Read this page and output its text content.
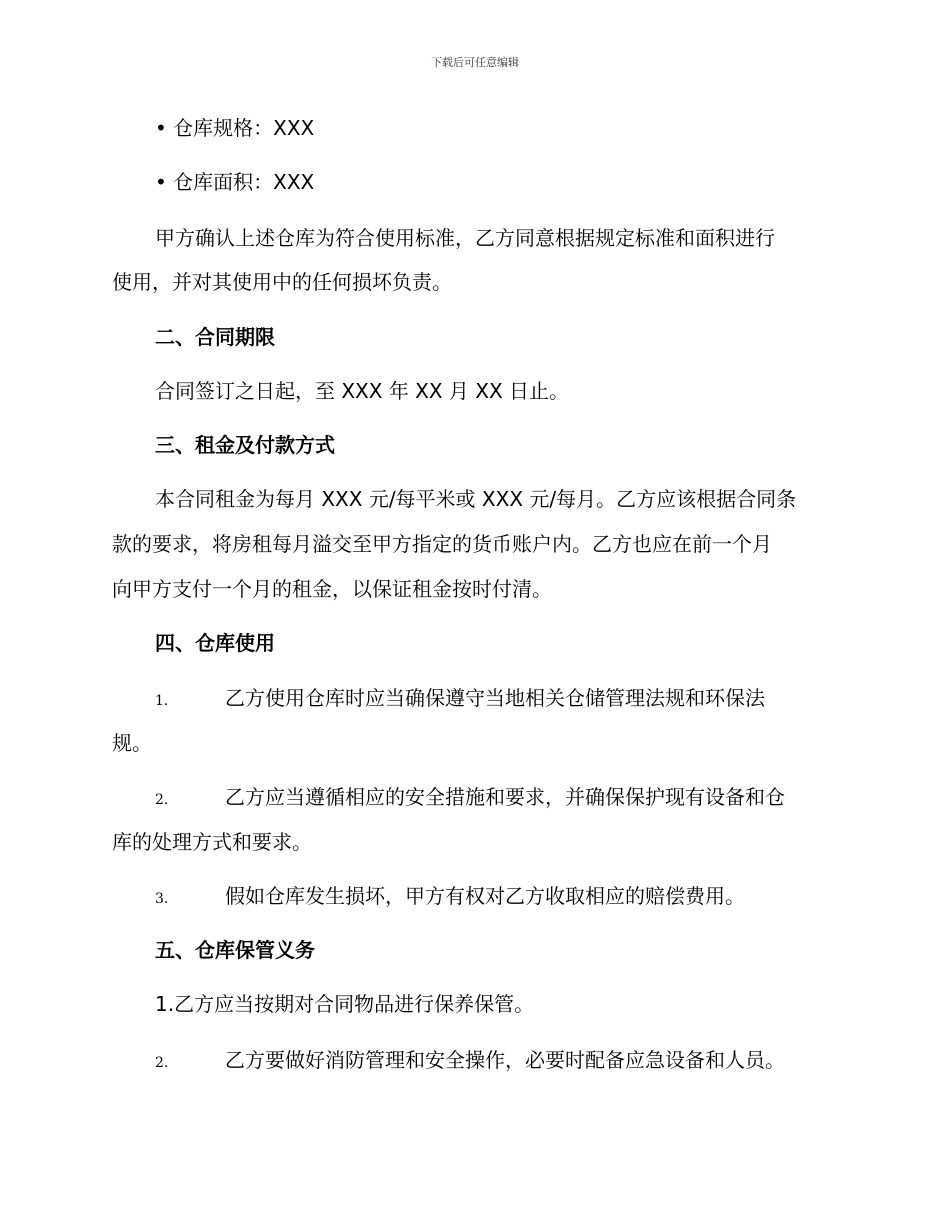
下载后可任意编辑
• 仓库规格：XXX
• 仓库面积：XXX
甲方确认上述仓库为符合使用标准，乙方同意根据规定标准和面积进行
使用，并对其使用中的任何损坏负责。
二、合同期限
合同签订之日起，至 XXX 年 XX 月 XX 日止。
三、租金及付款方式
本合同租金为每月 XXX 元/每平米或 XXX 元/每月。乙方应该根据合同条
款的要求，将房租每月溢交至甲方指定的货币账户内。乙方也应在前一个月
向甲方支付一个月的租金，以保证租金按时付清。
四、仓库使用
1.	乙方使用仓库时应当确保遵守当地相关仓储管理法规和环保法
规。
2.	乙方应当遵循相应的安全措施和要求，并确保保护现有设备和仓
库的处理方式和要求。
3.	假如仓库发生损坏，甲方有权对乙方收取相应的赔偿费用。
五、仓库保管义务
1.乙方应当按期对合同物品进行保养保管。
2.	乙方要做好消防管理和安全操作，必要时配备应急设备和人员。
